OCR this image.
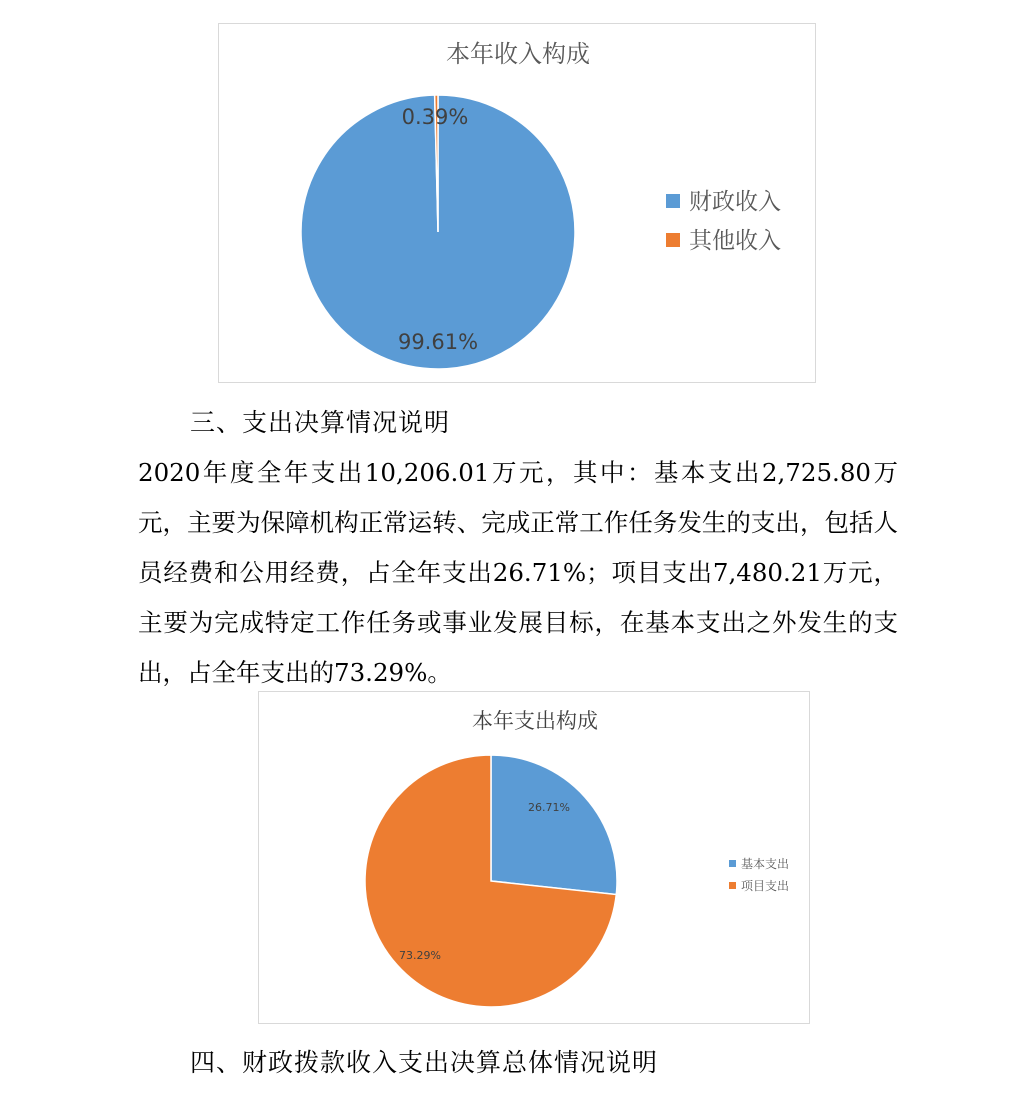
本年收入构成
0.39%
99.61%
财政收入
其他收入
三、支出决算情况说明

2020年度全年支出10,206.01万元，其中：基本支出2,725.80万元，主要为保障机构正常运转、完成正常工作任务发生的支出，包括人员经费和公用经费，占全年支出26.71%；项目支出7,480.21万元，主要为完成特定工作任务或事业发展目标，在基本支出之外发生的支出，占全年支出的73.29%。

本年支出构成
26.71%
73.29%
基本支出
项目支出
四、财政拨款收入支出决算总体情况说明
